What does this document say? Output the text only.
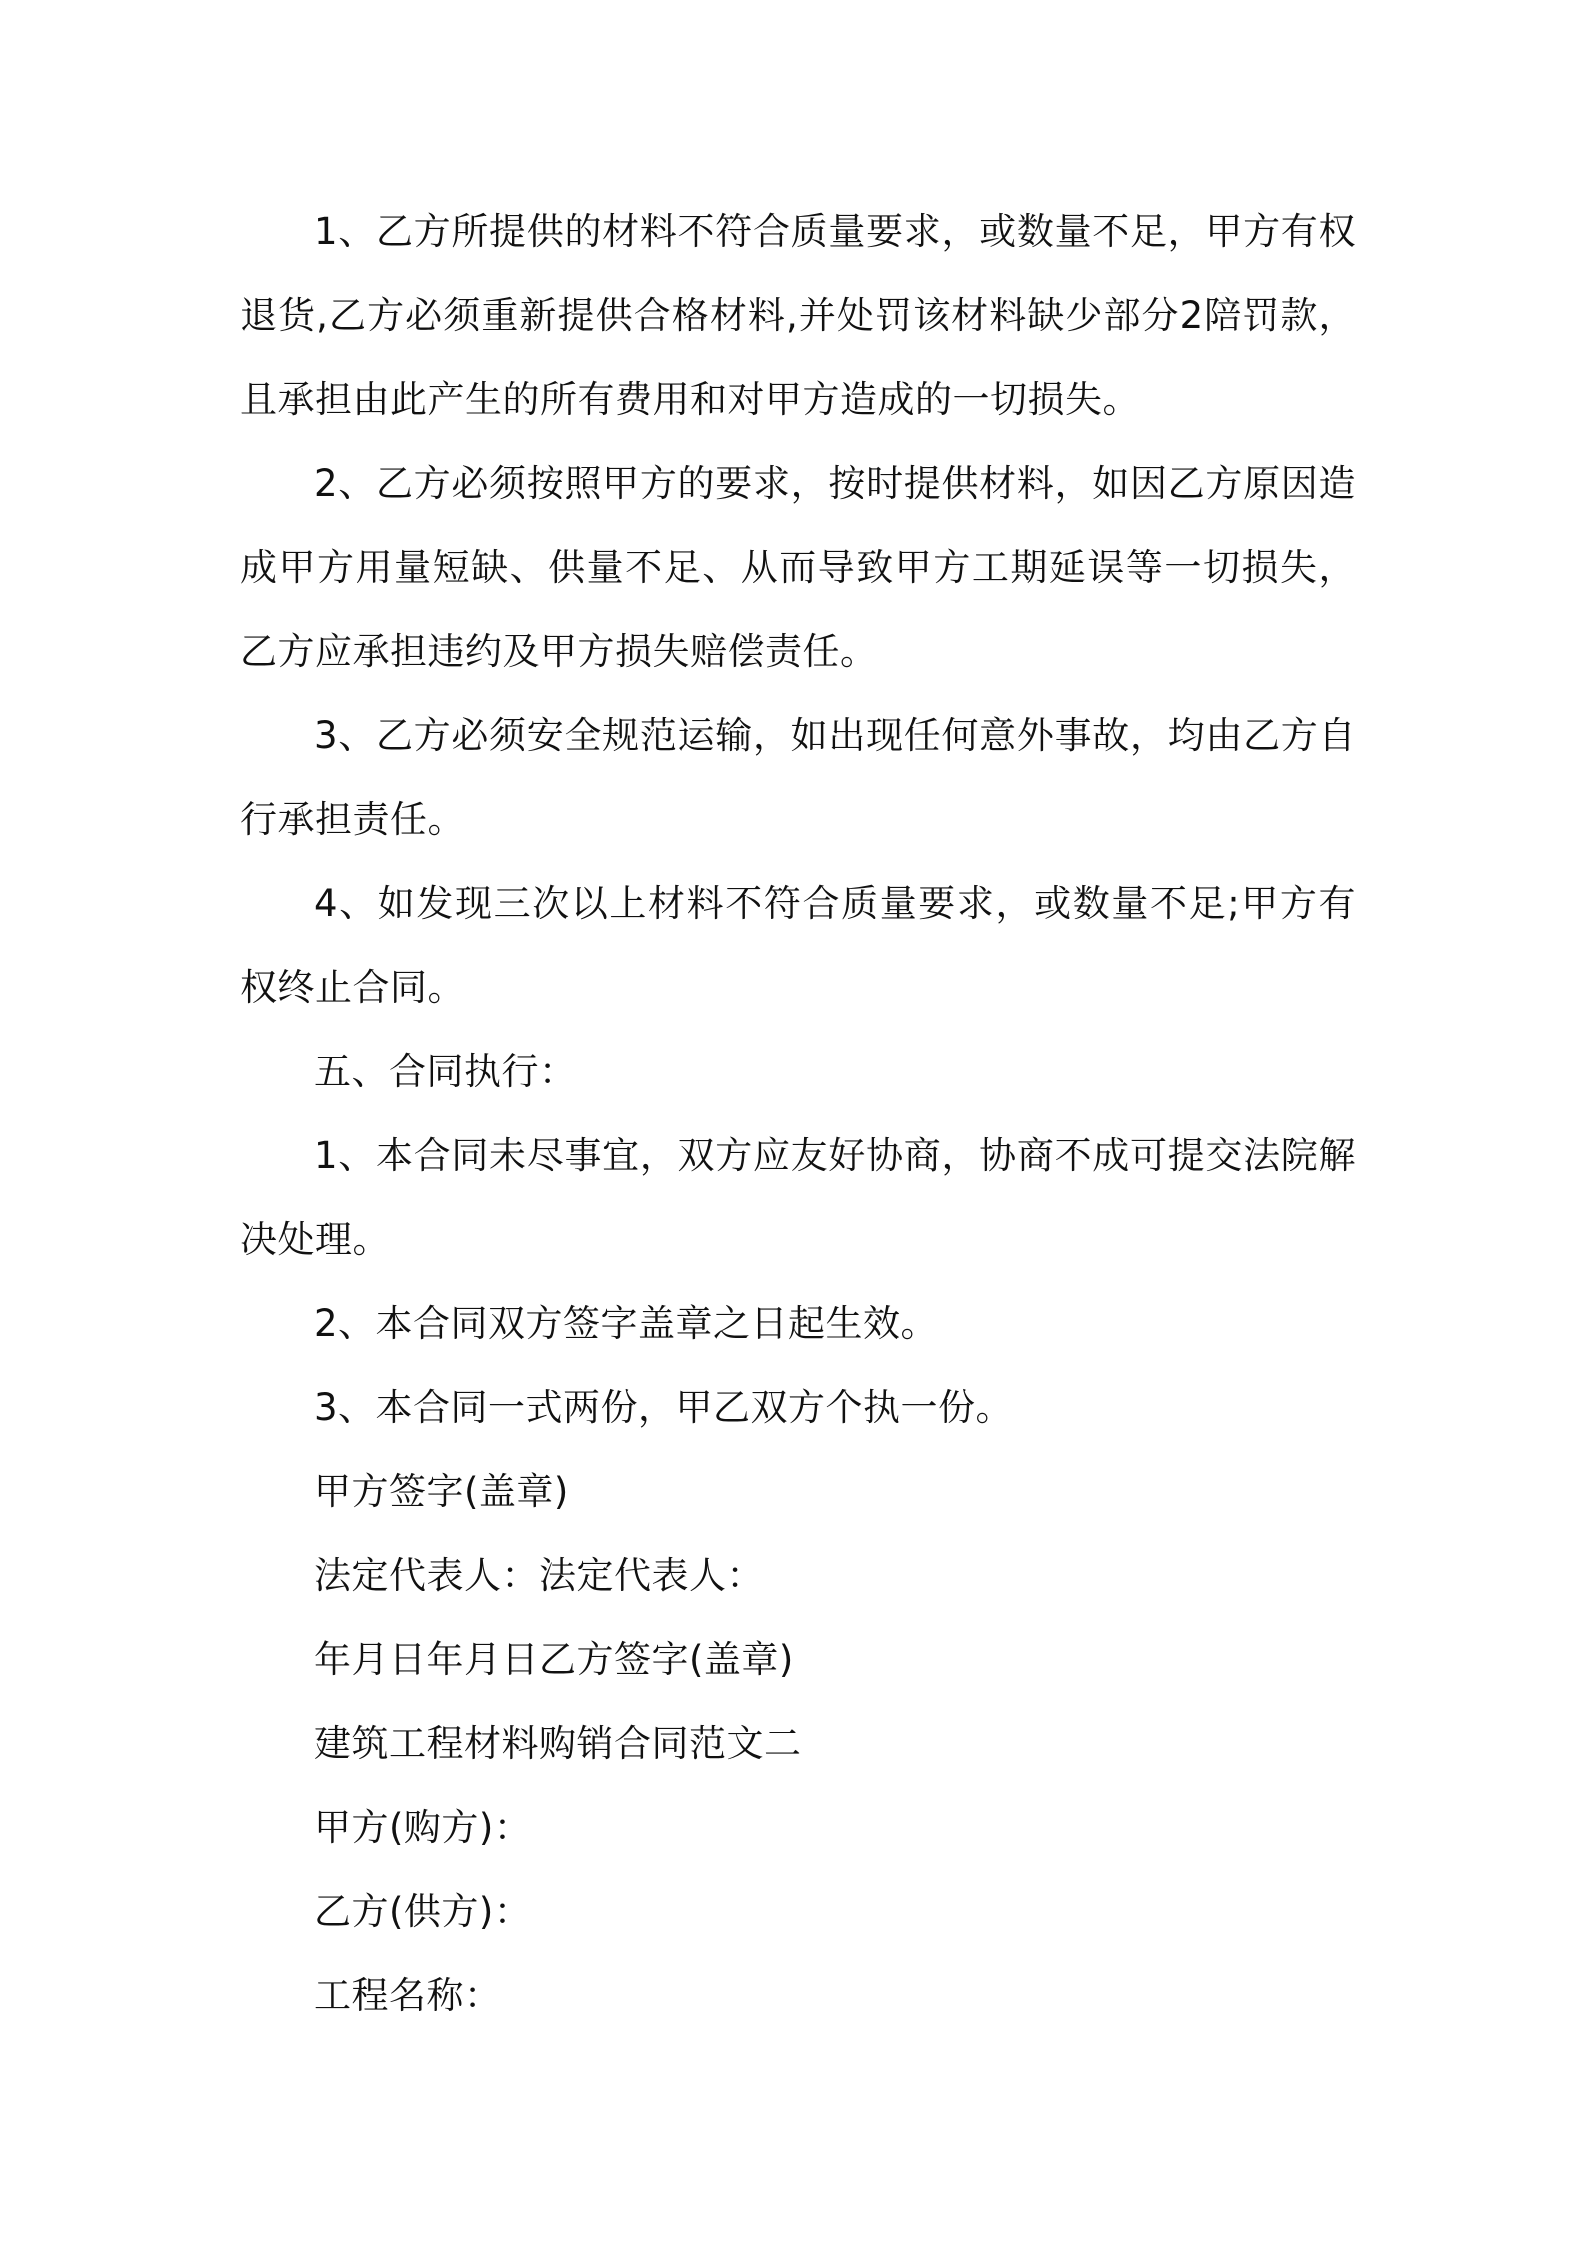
1、乙方所提供的材料不符合质量要求，或数量不足，甲方有权退货,乙方必须重新提供合格材料,并处罚该材料缺少部分2陪罚款，且承担由此产生的所有费用和对甲方造成的一切损失。

2、乙方必须按照甲方的要求，按时提供材料，如因乙方原因造成甲方用量短缺、供量不足、从而导致甲方工期延误等一切损失，乙方应承担违约及甲方损失赔偿责任。

3、乙方必须安全规范运输，如出现任何意外事故，均由乙方自行承担责任。

4、如发现三次以上材料不符合质量要求，或数量不足;甲方有权终止合同。

五、合同执行：

1、本合同未尽事宜，双方应友好协商，协商不成可提交法院解决处理。

2、本合同双方签字盖章之日起生效。

3、本合同一式两份，甲乙双方个执一份。

甲方签字(盖章)

法定代表人：法定代表人：

年月日年月日乙方签字(盖章)

建筑工程材料购销合同范文二

甲方(购方)：

乙方(供方)：

工程名称：
